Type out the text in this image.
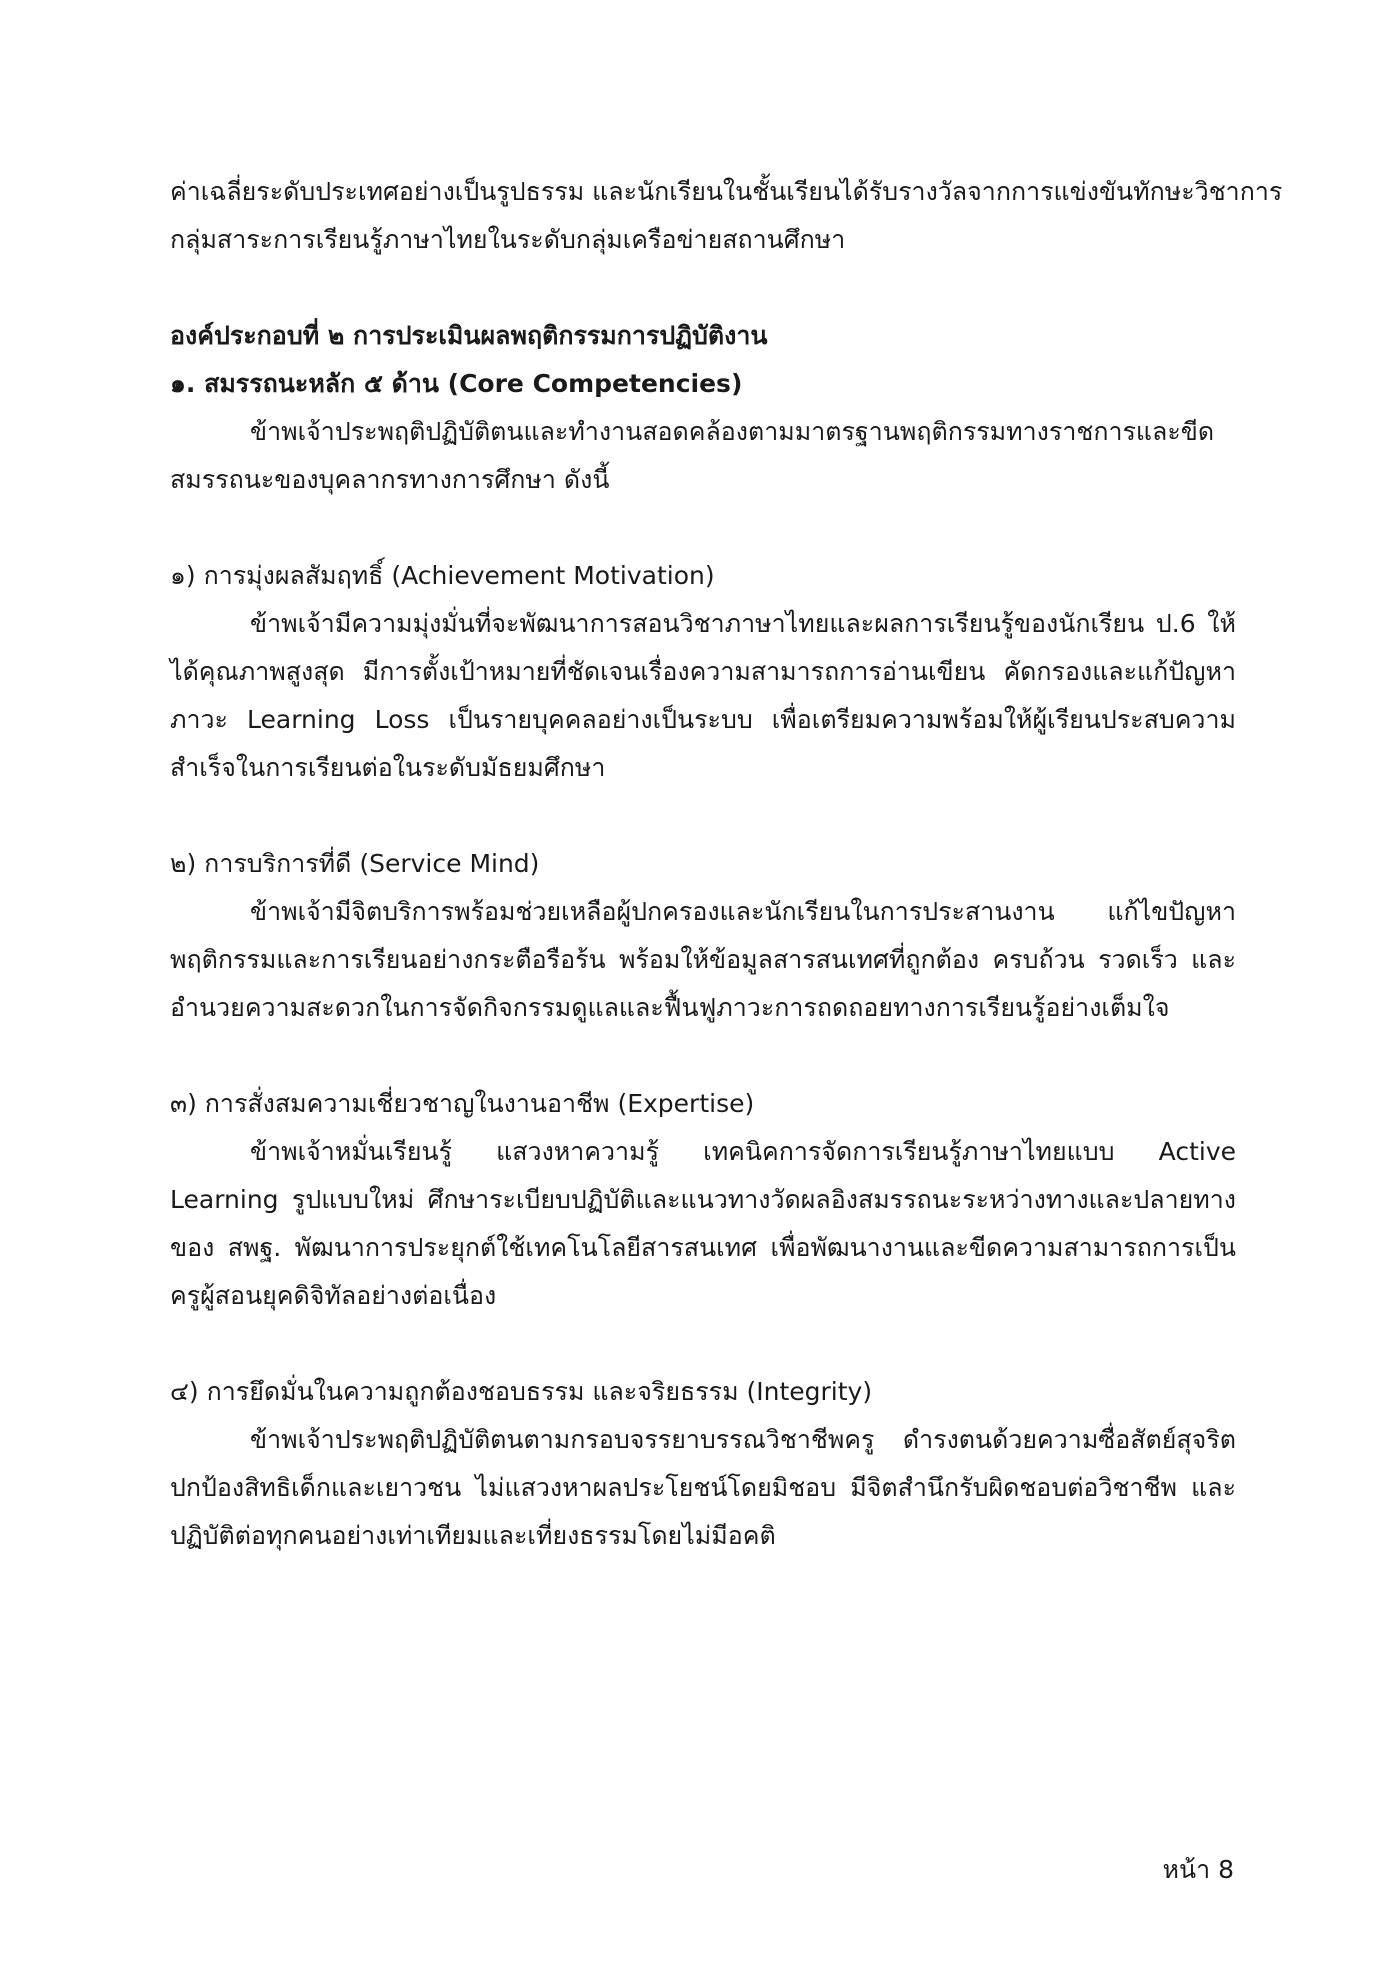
ค่าเฉลี่ยระดับประเทศอย่างเป็นรูปธรรม และนักเรียนในชั้นเรียนได้รับรางวัลจากการแข่งขันทักษะวิชาการ

กลุ่มสาระการเรียนรู้ภาษาไทยในระดับกลุ่มเครือข่ายสถานศึกษา

องค์ประกอบที่ ๒ การประเมินผลพฤติกรรมการปฏิบัติงาน

๑. สมรรถนะหลัก ๕ ด้าน (Core Competencies)

ข้าพเจ้าประพฤติปฏิบัติตนและทำงานสอดคล้องตามมาตรฐานพฤติกรรมทางราชการและขีดสมรรถนะของบุคลากรทางการศึกษา ดังนี้

๑) การมุ่งผลสัมฤทธิ์ (Achievement Motivation)

ข้าพเจ้ามีความมุ่งมั่นที่จะพัฒนาการสอนวิชาภาษาไทยและผลการเรียนรู้ของนักเรียน ป.6 ให้ได้คุณภาพสูงสุด มีการตั้งเป้าหมายที่ชัดเจนเรื่องความสามารถการอ่านเขียน คัดกรองและแก้ปัญหาภาวะ Learning Loss เป็นรายบุคคลอย่างเป็นระบบ เพื่อเตรียมความพร้อมให้ผู้เรียนประสบความสำเร็จในการเรียนต่อในระดับมัธยมศึกษา

๒) การบริการที่ดี (Service Mind)

ข้าพเจ้ามีจิตบริการพร้อมช่วยเหลือผู้ปกครองและนักเรียนในการประสานงาน แก้ไขปัญหาพฤติกรรมและการเรียนอย่างกระตือรือร้น พร้อมให้ข้อมูลสารสนเทศที่ถูกต้อง ครบถ้วน รวดเร็ว และอำนวยความสะดวกในการจัดกิจกรรมดูแลและฟื้นฟูภาวะการถดถอยทางการเรียนรู้อย่างเต็มใจ

๓) การสั่งสมความเชี่ยวชาญในงานอาชีพ (Expertise)

ข้าพเจ้าหมั่นเรียนรู้ แสวงหาความรู้ เทคนิคการจัดการเรียนรู้ภาษาไทยแบบ Active Learning รูปแบบใหม่ ศึกษาระเบียบปฏิบัติและแนวทางวัดผลอิงสมรรถนะระหว่างทางและปลายทางของ สพฐ. พัฒนาการประยุกต์ใช้เทคโนโลยีสารสนเทศ เพื่อพัฒนางานและขีดความสามารถการเป็นครูผู้สอนยุคดิจิทัลอย่างต่อเนื่อง

๔) การยึดมั่นในความถูกต้องชอบธรรม และจริยธรรม (Integrity)

ข้าพเจ้าประพฤติปฏิบัติตนตามกรอบจรรยาบรรณวิชาชีพครู ดำรงตนด้วยความซื่อสัตย์สุจริต ปกป้องสิทธิเด็กและเยาวชน ไม่แสวงหาผลประโยชน์โดยมิชอบ มีจิตสำนึกรับผิดชอบต่อวิชาชีพ และปฏิบัติต่อทุกคนอย่างเท่าเทียมและเที่ยงธรรมโดยไม่มีอคติ

หน้า 8
